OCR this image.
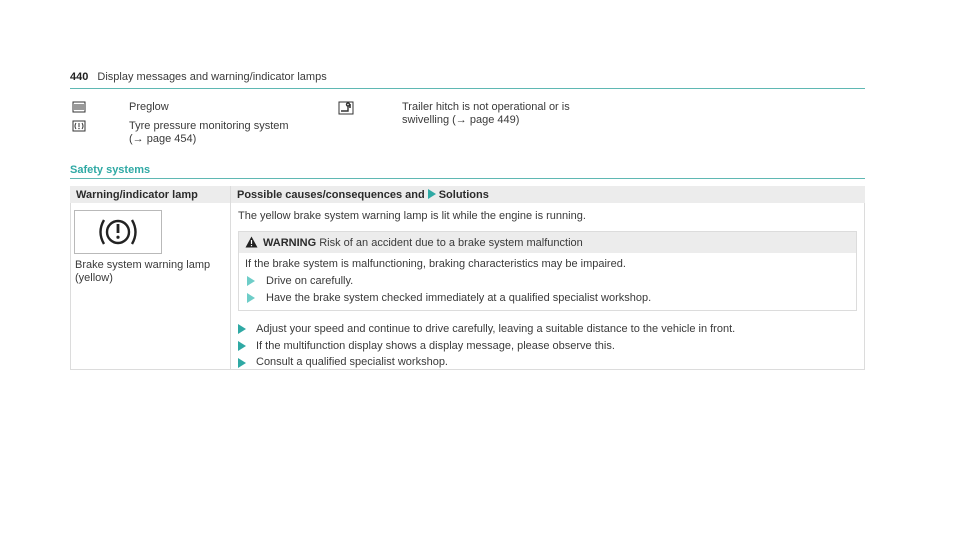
440 Display messages and warning/indicator lamps
Preglow
Tyre pressure monitoring system
(→ page 454)
Trailer hitch is not operational or is
swivelling (→ page 449)
Safety systems
Warning/indicator lamp	Possible causes/consequences and Solutions
Brake system warning lamp
(yellow)
The yellow brake system warning lamp is lit while the engine is running.
WARNING Risk of an accident due to a brake system malfunction
If the brake system is malfunctioning, braking characteristics may be impaired.
Drive on carefully.
Have the brake system checked immediately at a qualified specialist workshop.
Adjust your speed and continue to drive carefully, leaving a suitable distance to the vehicle in front.
If the multifunction display shows a display message, please observe this.
Consult a qualified specialist workshop.
